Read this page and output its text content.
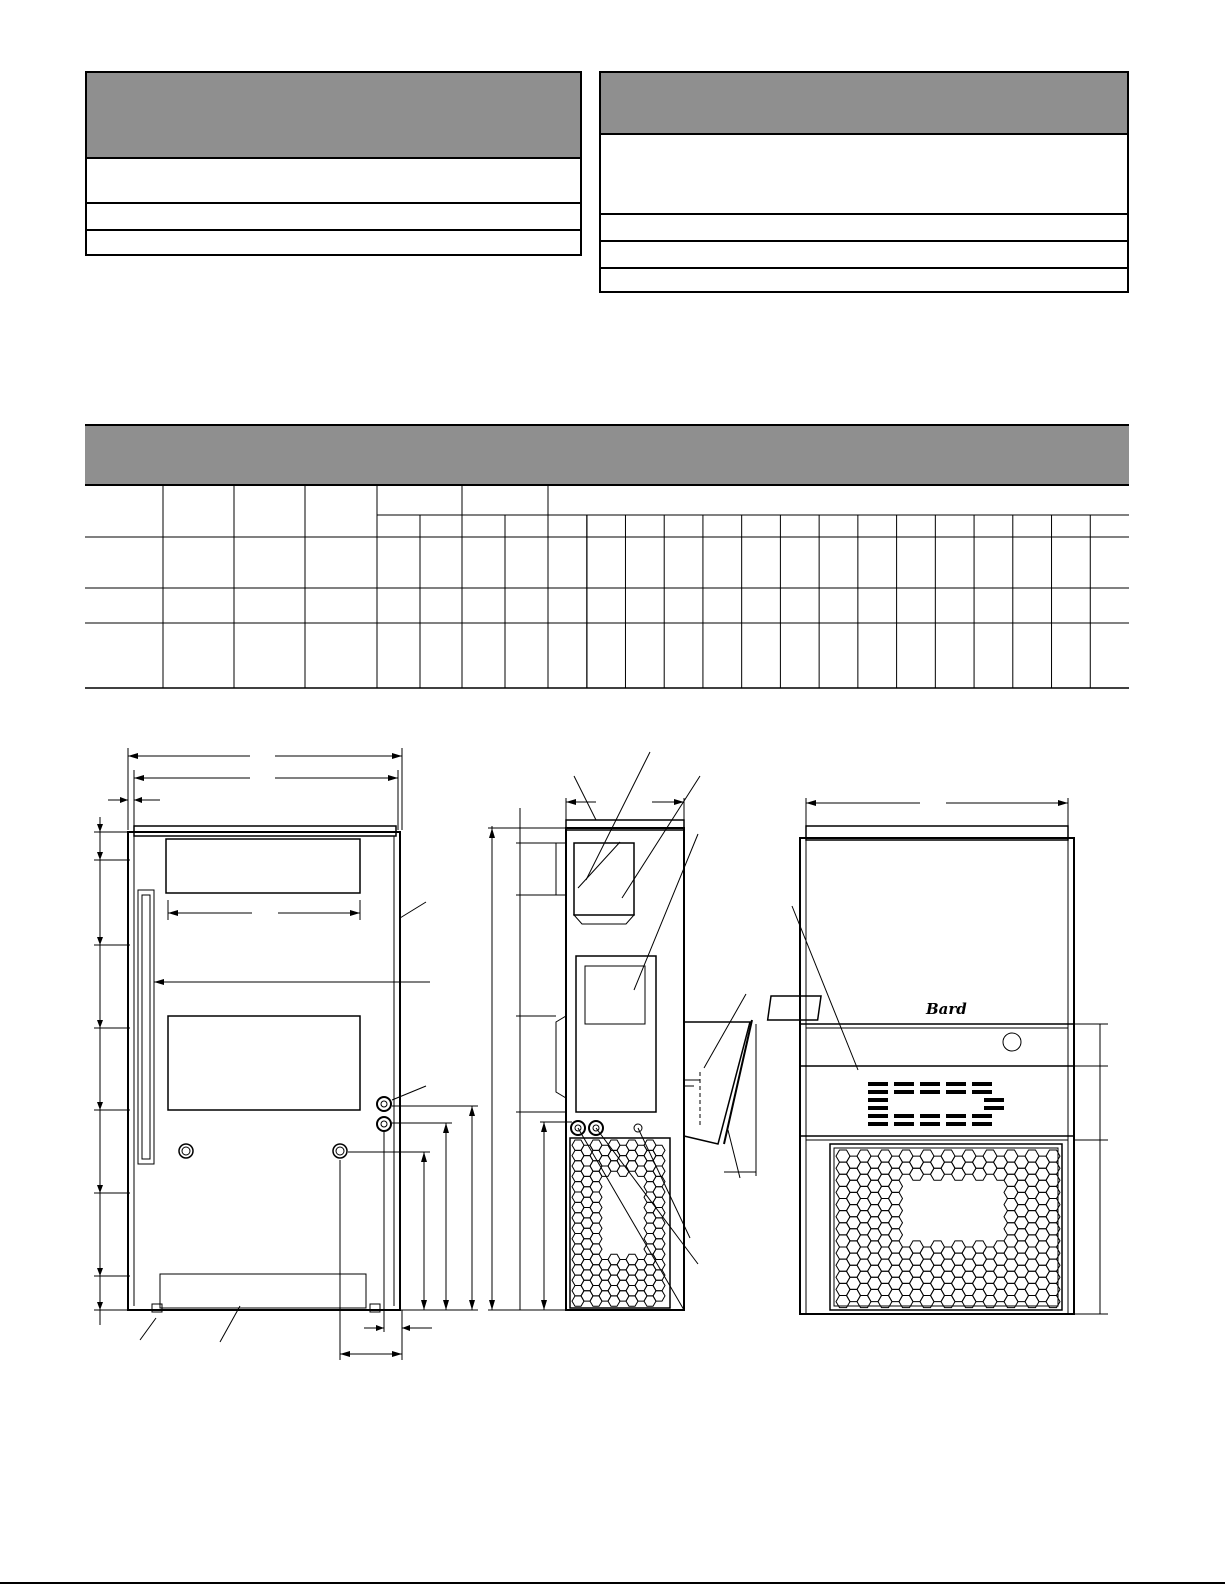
Bard
